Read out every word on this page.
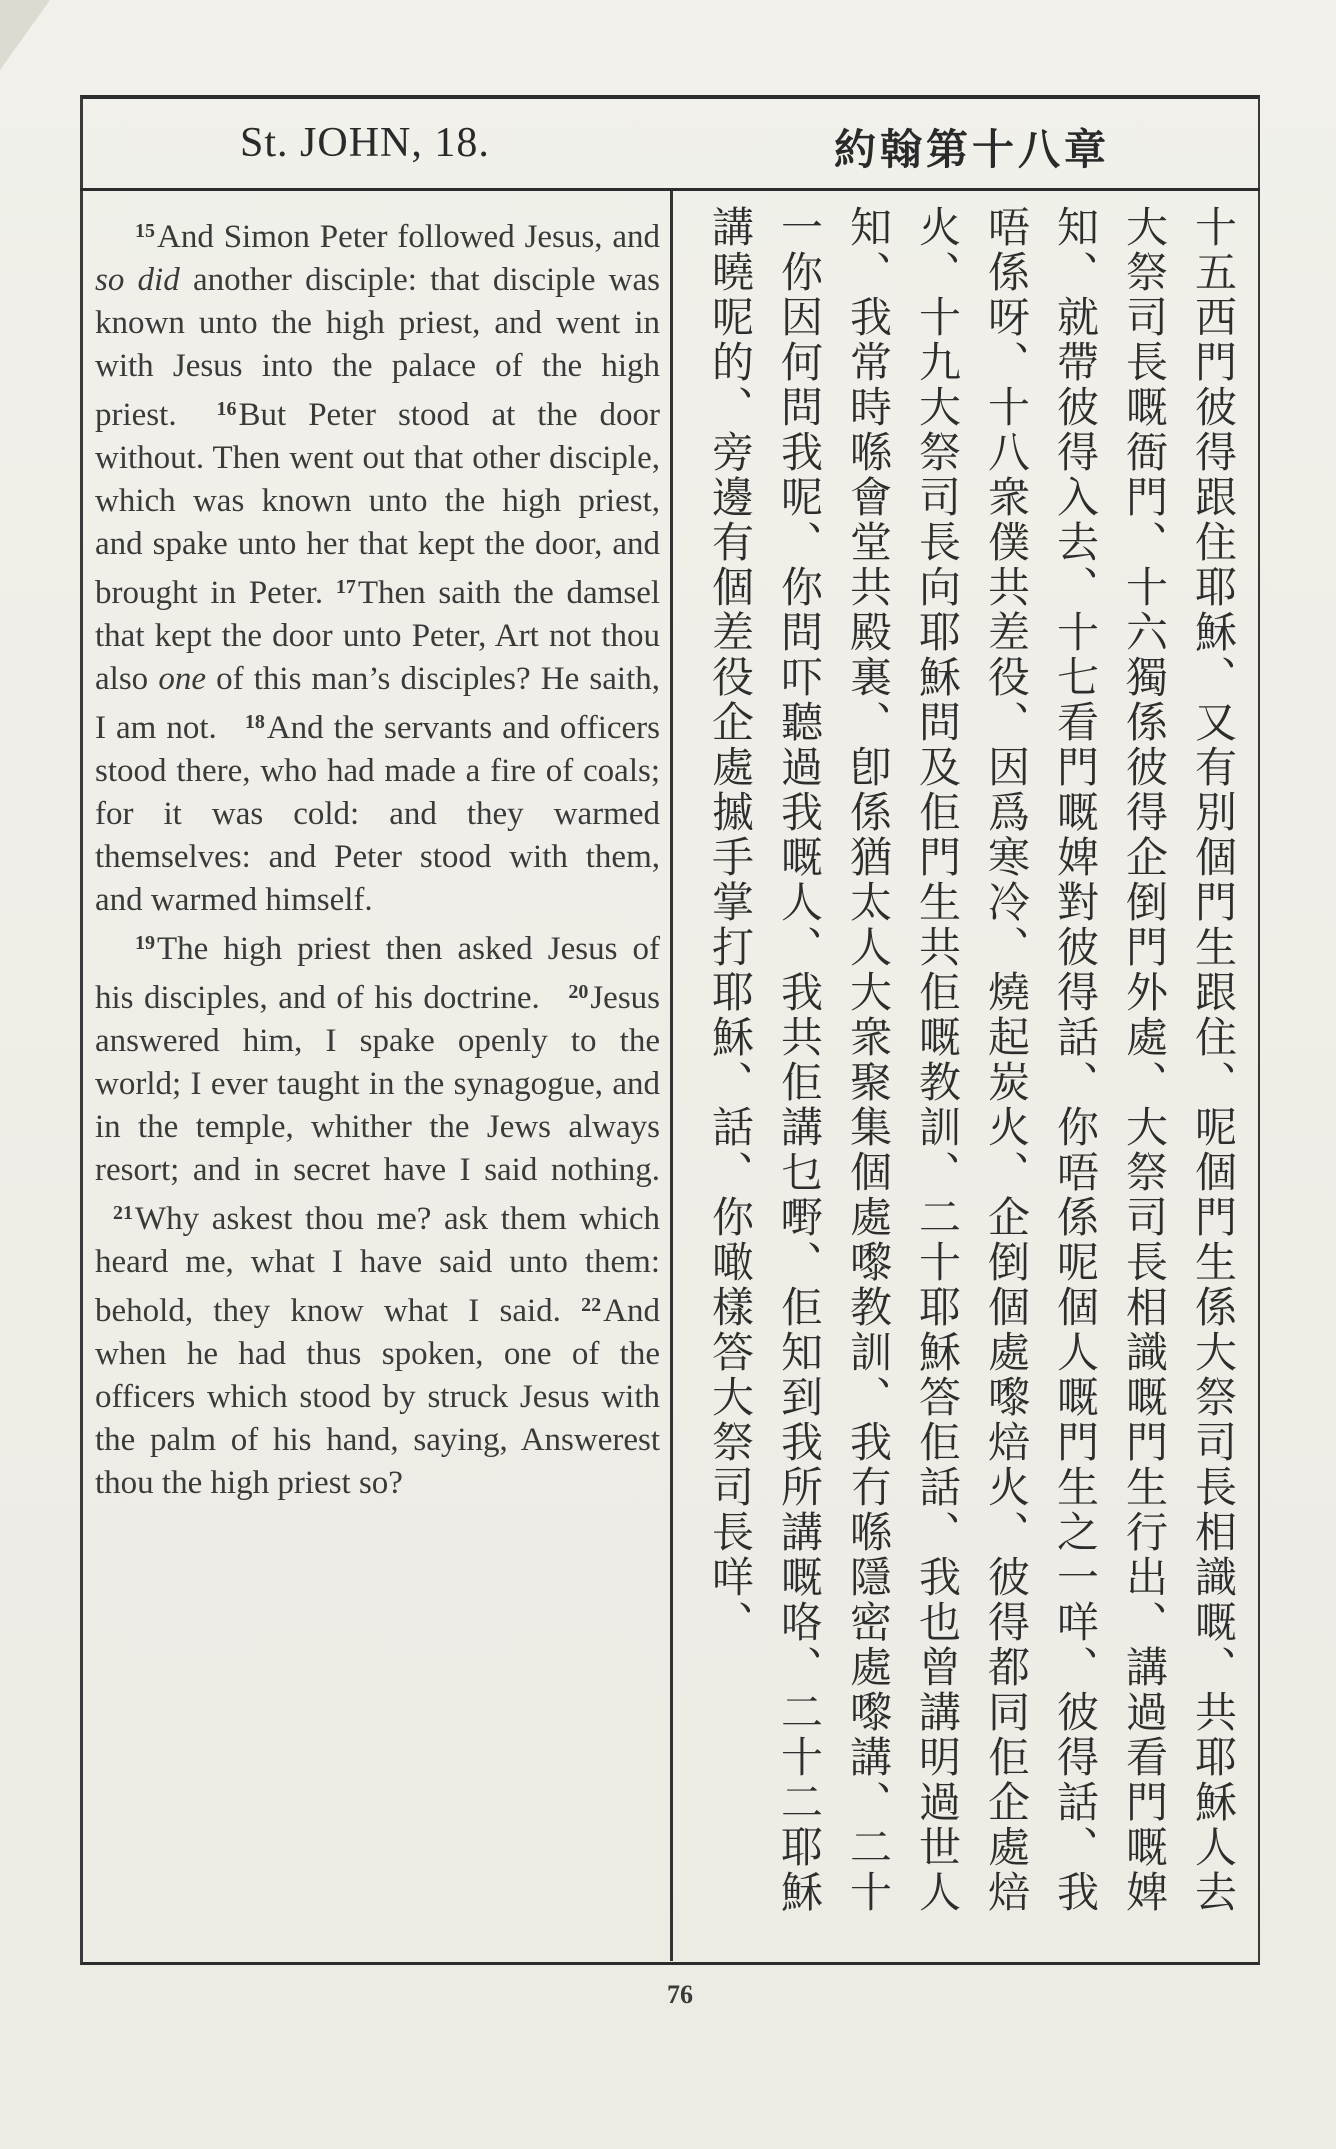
St. JOHN, 18.	約翰第十八章

$^{15}$And Simon Peter followed Jesus, and so did another disciple: that disciple was known unto the high priest, and went in with Jesus into the palace of the high priest. $^{16}$But Peter stood at the door without. Then went out that other disciple, which was known unto the high priest, and spake unto her that kept the door, and brought in Peter. $^{17}$Then saith the damsel that kept the door unto Peter, Art not thou also one of this man’s disciples? He saith, I am not. $^{18}$And the servants and officers stood there, who had made a fire of coals; for it was cold: and they warmed themselves: and Peter stood with them, and warmed himself.

$^{19}$The high priest then asked Jesus of his disciples, and of his doctrine. $^{20}$Jesus answered him, I spake openly to the world; I ever taught in the synagogue, and in the temple, whither the Jews always resort; and in secret have I said nothing. $^{21}$Why askest thou me? ask them which heard me, what I have said unto them: behold, they know what I said. $^{22}$And when he had thus spoken, one of the officers which stood by struck Jesus with the palm of his hand, saying, Answerest thou the high priest so?	十五西門彼得跟住耶穌、又有別個門生跟住、呢個門生係大祭司長相識嘅、共耶穌人去大祭司長嘅衙門、十六獨係彼得企倒門外處、大祭司長相識嘅門生行出、講過看門嘅婢知、就帶彼得入去、十七看門嘅婢對彼得話、你唔係呢個人嘅門生之一咩、彼得話、我唔係呀、十八衆僕共差役、因爲寒冷、燒起炭火、企倒個處嚟焙火、彼得都同佢企處焙火、十九大祭司長向耶穌問及佢門生共佢嘅教訓、二十耶穌答佢話、我也曾講明過世人知、我常時喺會堂共殿裏、卽係猶太人大衆聚集個處嚟教訓、我冇喺隱密處嚟講、二十一你因何問我呢、你問吓聽過我嘅人、我共佢講乜嘢、佢知到我所講嘅咯、二十二耶穌講曉呢的、旁邊有個差役企處摵手掌打耶穌、話、你噉樣答大祭司長咩、
76
